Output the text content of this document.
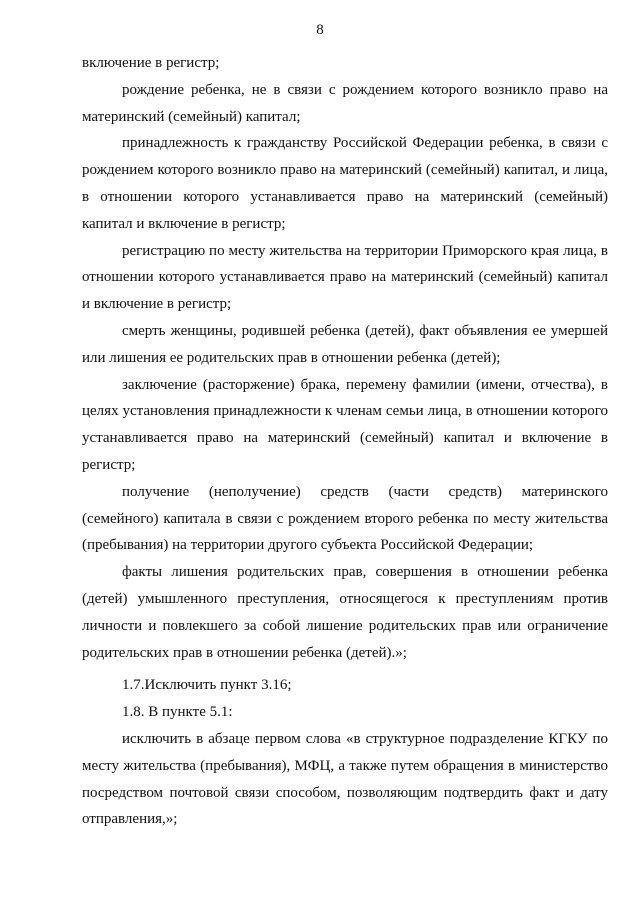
8

включение в регистр;

рождение ребенка, не в связи с рождением которого возникло право на материнский (семейный) капитал;

принадлежность к гражданству Российской Федерации ребенка, в связи с рождением которого возникло право на материнский (семейный) капитал, и лица, в отношении которого устанавливается право на материнский (семейный) капитал и включение в регистр;

регистрацию по месту жительства на территории Приморского края лица, в отношении которого устанавливается право на материнский (семейный) капитал и включение в регистр;

смерть женщины, родившей ребенка (детей), факт объявления ее умершей или лишения ее родительских прав в отношении ребенка (детей);

заключение (расторжение) брака, перемену фамилии (имени, отчества), в целях установления принадлежности к членам семьи лица, в отношении которого устанавливается право на материнский (семейный) капитал и включение в регистр;

получение (неполучение) средств (части средств) материнского (семейного) капитала в связи с рождением второго ребенка по месту жительства (пребывания) на территории другого субъекта Российской Федерации;

факты лишения родительских прав, совершения в отношении ребенка (детей) умышленного преступления, относящегося к преступлениям против личности и повлекшего за собой лишение родительских прав или ограничение родительских прав в отношении ребенка (детей).»;

1.7.Исключить пункт 3.16;

1.8. В пункте 5.1:

исключить в абзаце первом слова «в структурное подразделение КГКУ по месту жительства (пребывания), МФЦ, а также путем обращения в министерство посредством почтовой связи способом, позволяющим подтвердить факт и дату отправления,»;
